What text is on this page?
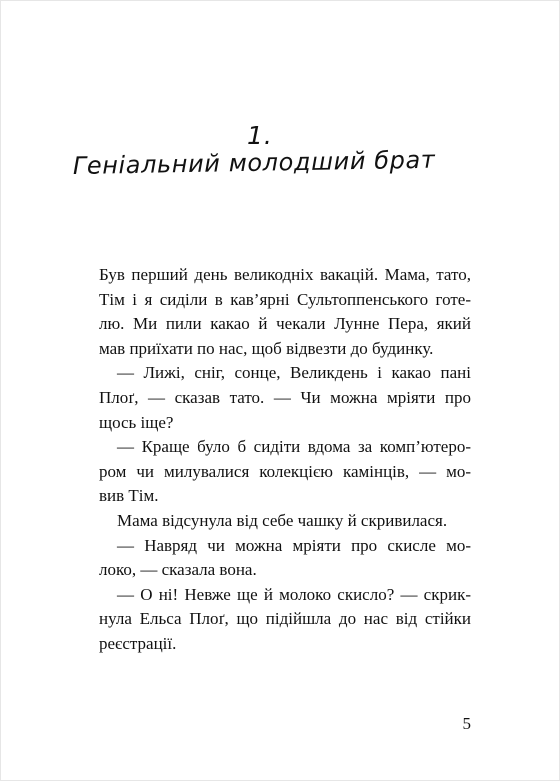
1.
Геніальний молодший брат
Був перший день великодніх вакацій. Мама, тато,
Тім і я сиділи в кав’ярні Сультоппенського готе-
лю. Ми пили какао й чекали Лунне Пера, який
мав приїхати по нас, щоб відвезти до будинку.
— Лижі, сніг, сонце, Великдень і какао пані
Плоґ, — сказав тато. — Чи можна мріяти про
щось іще?
— Краще було б сидіти вдома за комп’ютеро-
ром чи милувалися колекцією камінців, — мо-
вив Тім.
Мама відсунула від себе чашку й скривилася.
— Навряд чи можна мріяти про скисле мо-
локо, — сказала вона.
— О ні! Невже ще й молоко скисло? — скрик-
нула Ельса Плоґ, що підійшла до нас від стійки
реєстрації.
5
